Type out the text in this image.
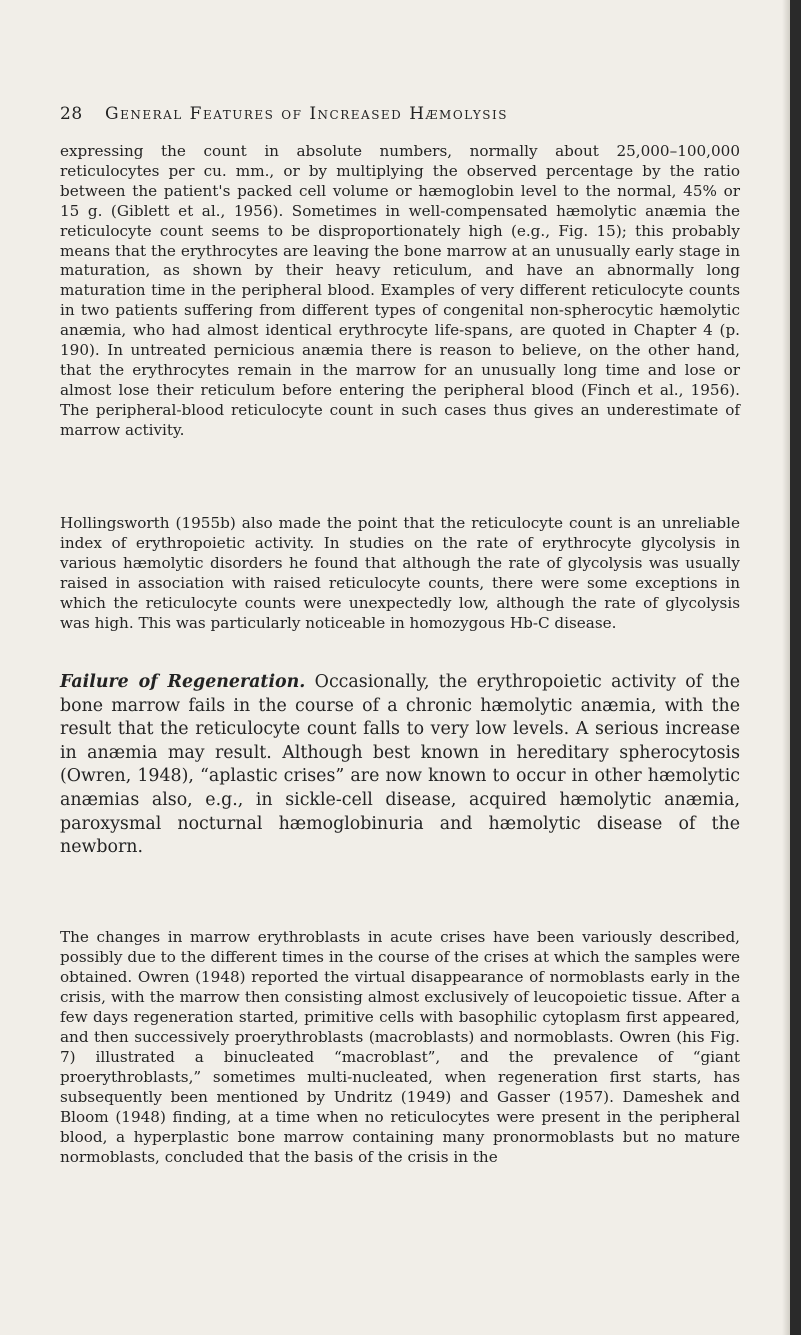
28 General Features of Increased Hæmolysis

expressing the count in absolute numbers, normally about 25,000–100,000 reticulocytes per cu. mm., or by multiplying the observed percentage by the ratio between the patient's packed cell volume or hæmoglobin level to the normal, 45% or 15 g. (Giblett et al., 1956). Sometimes in well-compensated hæmolytic anæmia the reticulocyte count seems to be disproportionately high (e.g., Fig. 15); this probably means that the erythrocytes are leaving the bone marrow at an unusually early stage in maturation, as shown by their heavy reticulum, and have an abnormally long maturation time in the peripheral blood. Examples of very different reticulocyte counts in two patients suffering from different types of congenital non-spherocytic hæmolytic anæmia, who had almost identical erythrocyte life-spans, are quoted in Chapter 4 (p. 190). In untreated pernicious anæmia there is reason to believe, on the other hand, that the erythrocytes remain in the marrow for an unusually long time and lose or almost lose their reticulum before entering the peripheral blood (Finch et al., 1956). The peripheral-blood reticulocyte count in such cases thus gives an underestimate of marrow activity.

Hollingsworth (1955b) also made the point that the reticulocyte count is an unreliable index of erythropoietic activity. In studies on the rate of erythrocyte glycolysis in various hæmolytic disorders he found that although the rate of glycolysis was usually raised in association with raised reticulocyte counts, there were some exceptions in which the reticulocyte counts were unexpectedly low, although the rate of glycolysis was high. This was particularly noticeable in homozygous Hb-C disease.

Failure of Regeneration. Occasionally, the erythropoietic activity of the bone marrow fails in the course of a chronic hæmolytic anæmia, with the result that the reticulocyte count falls to very low levels. A serious increase in anæmia may result. Although best known in hereditary spherocytosis (Owren, 1948), “aplastic crises” are now known to occur in other hæmolytic anæmias also, e.g., in sickle-cell disease, acquired hæmolytic anæmia, paroxysmal nocturnal hæmoglobinuria and hæmolytic disease of the newborn.

The changes in marrow erythroblasts in acute crises have been variously described, possibly due to the different times in the course of the crises at which the samples were obtained. Owren (1948) reported the virtual disappearance of normoblasts early in the crisis, with the marrow then consisting almost exclusively of leucopoietic tissue. After a few days regeneration started, primitive cells with basophilic cytoplasm first appeared, and then successively proerythroblasts (macroblasts) and normoblasts. Owren (his Fig. 7) illustrated a binucleated “macroblast”, and the prevalence of “giant proerythroblasts,” sometimes multi-nucleated, when regeneration first starts, has subsequently been mentioned by Undritz (1949) and Gasser (1957). Dameshek and Bloom (1948) finding, at a time when no reticulocytes were present in the peripheral blood, a hyperplastic bone marrow containing many pronormoblasts but no mature normoblasts, concluded that the basis of the crisis in the
